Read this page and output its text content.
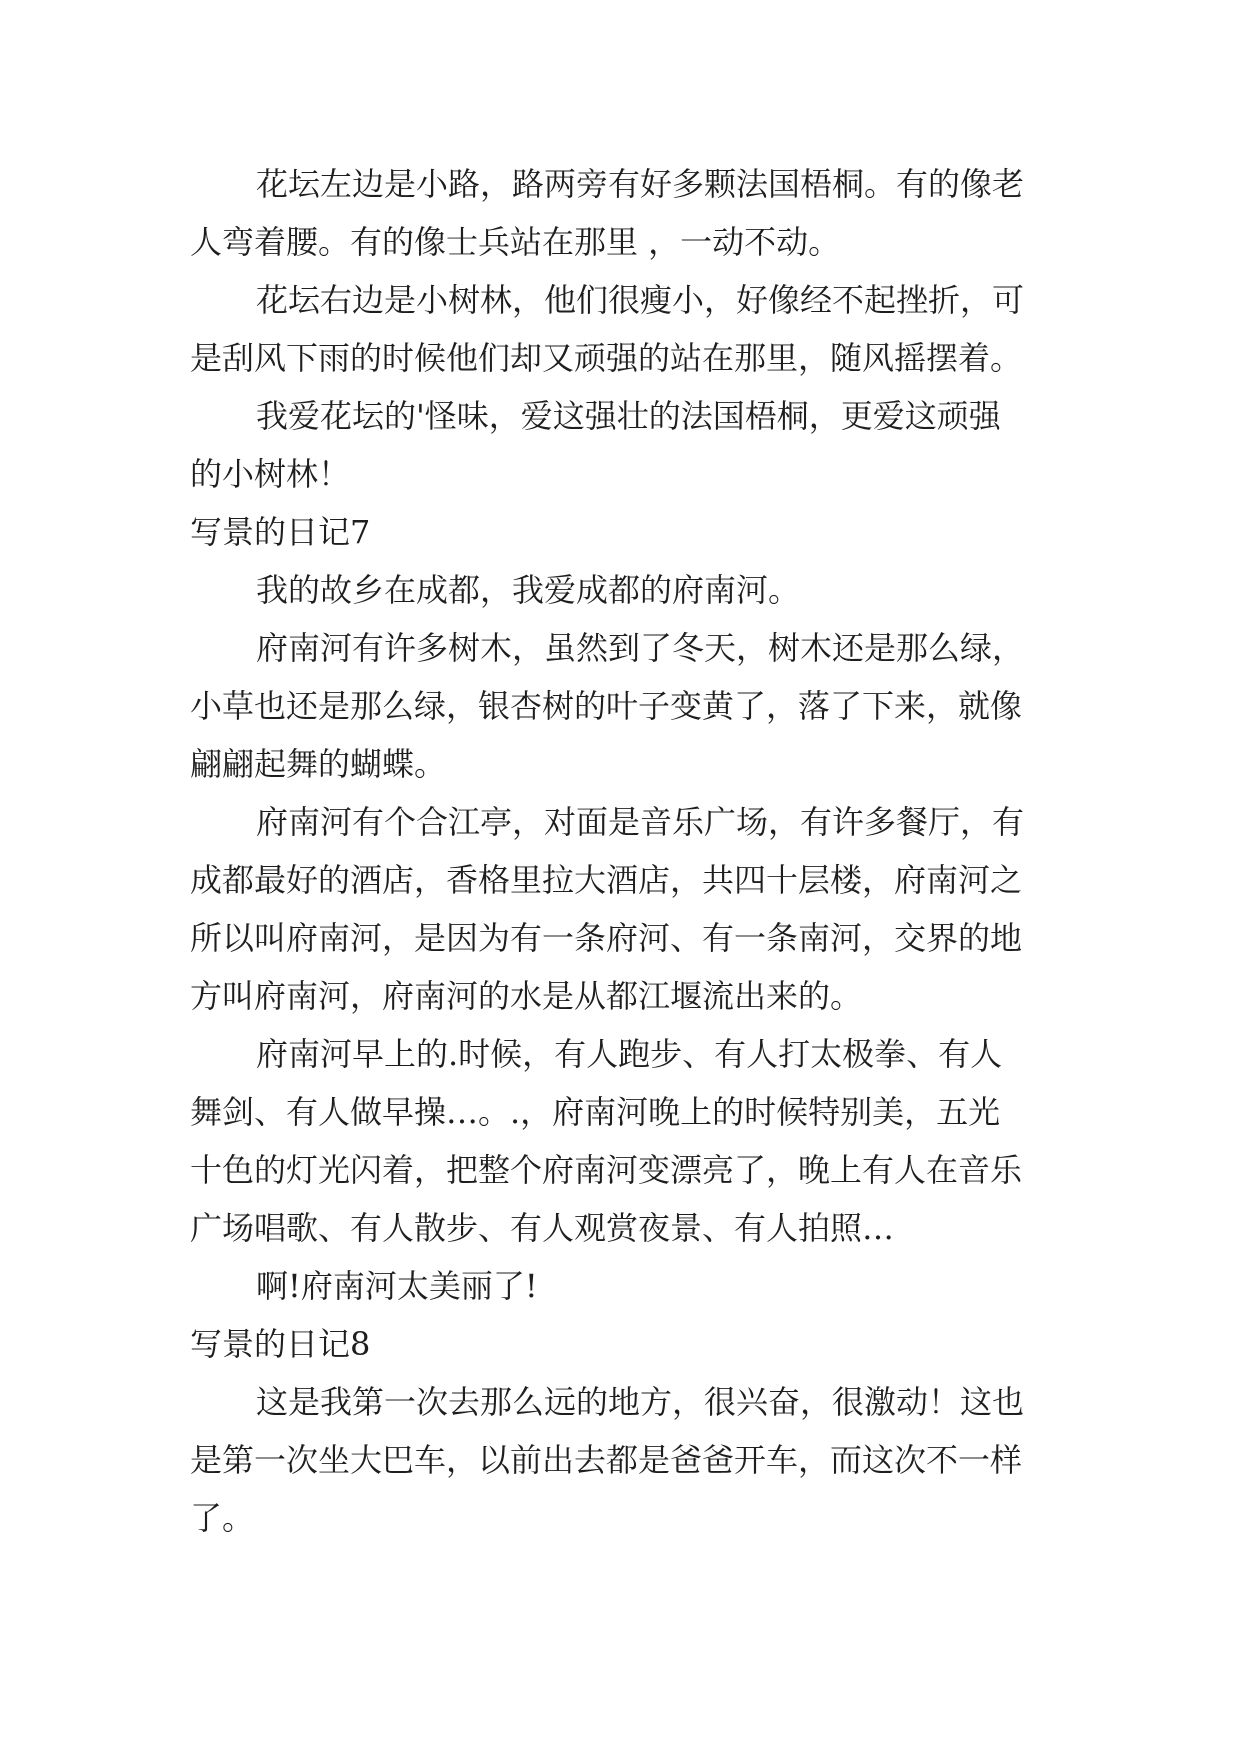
花坛左边是小路，路两旁有好多颗法国梧桐。有的像老

人弯着腰。有的像士兵站在那里 ，一动不动。

花坛右边是小树林，他们很瘦小，好像经不起挫折，可

是刮风下雨的时候他们却又顽强的站在那里，随风摇摆着。

我爱花坛的'怪味，爱这强壮的法国梧桐，更爱这顽强

的小树林！

写景的日记7

我的故乡在成都，我爱成都的府南河。

府南河有许多树木，虽然到了冬天，树木还是那么绿，

小草也还是那么绿，银杏树的叶子变黄了，落了下来，就像

翩翩起舞的蝴蝶。

府南河有个合江亭，对面是音乐广场，有许多餐厅，有

成都最好的酒店，香格里拉大酒店，共四十层楼，府南河之

所以叫府南河，是因为有一条府河、有一条南河，交界的地

方叫府南河，府南河的水是从都江堰流出来的。

府南河早上的.时候，有人跑步、有人打太极拳、有人

舞剑、有人做早操…。.，府南河晚上的时候特别美，五光

十色的灯光闪着，把整个府南河变漂亮了，晚上有人在音乐

广场唱歌、有人散步、有人观赏夜景、有人拍照…

啊!府南河太美丽了!

写景的日记8

这是我第一次去那么远的地方，很兴奋，很激动！这也

是第一次坐大巴车，以前出去都是爸爸开车，而这次不一样

了。
